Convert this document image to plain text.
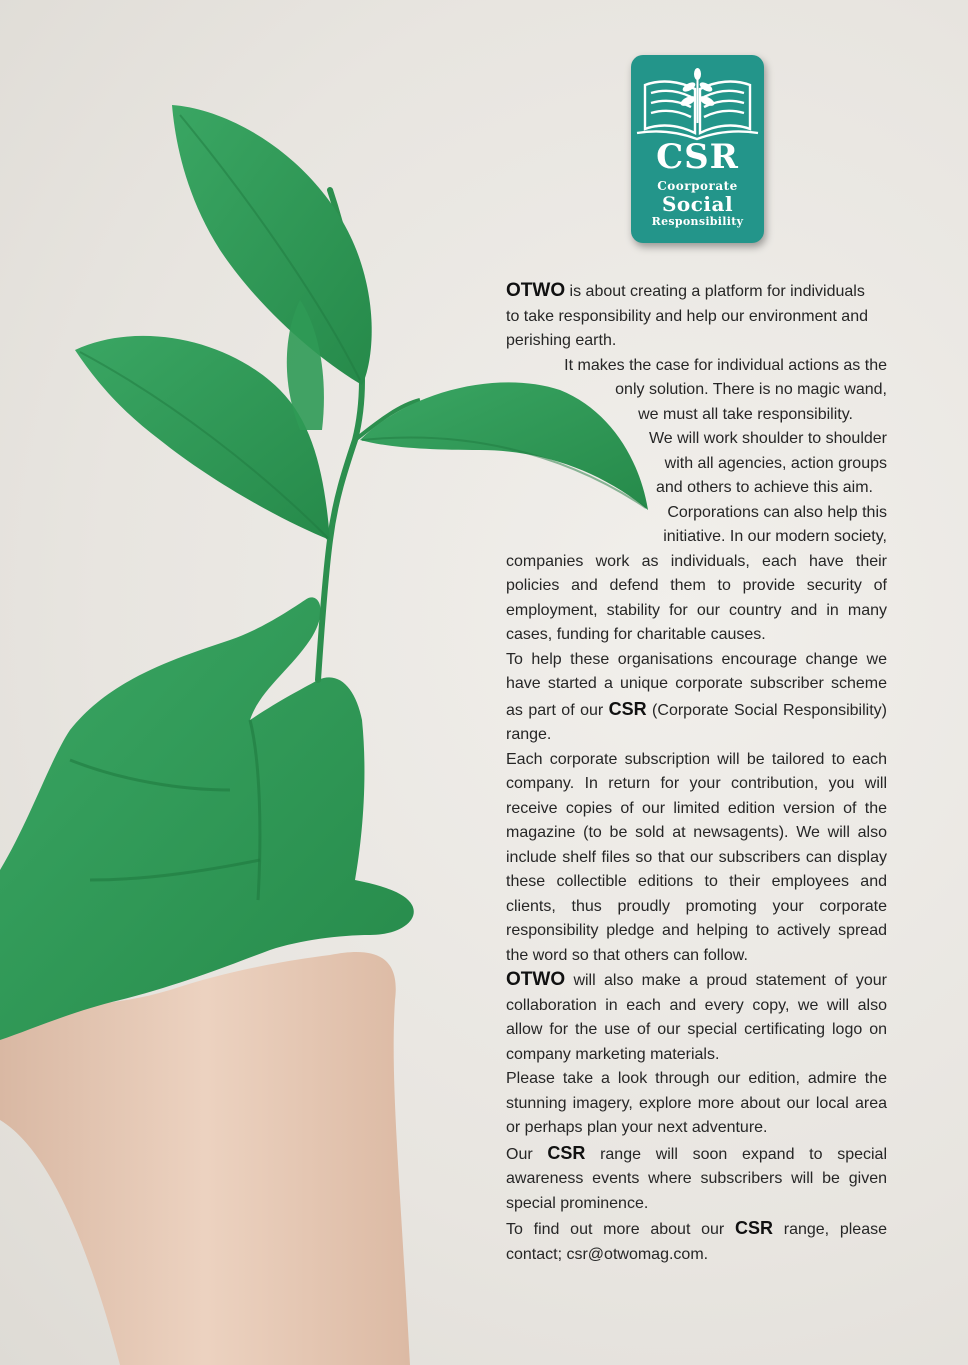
CSR
Coorporate
Social
Responsibility

OTWO is about creating a platform for individuals
to take responsibility and help our environment and
perishing earth.

It makes the case for individual actions as the
only solution. There is no magic wand,
we must all take responsibility.
We will work shoulder to shoulder
with all agencies, action groups
and others to achieve this aim.
Corporations can also help this
initiative. In our modern society,

companies work as individuals, each have their policies and defend them to provide security of employment, stability for our country and in many cases, funding for charitable causes.

To help these organisations encourage change we have started a unique corporate subscriber scheme as part of our CSR (Corporate Social Responsibility) range.

Each corporate subscription will be tailored to each company. In return for your contribution, you will receive copies of our limited edition version of the magazine (to be sold at newsagents). We will also include shelf files so that our subscribers can display these collectible editions to their employees and clients, thus proudly promoting your corporate responsibility pledge and helping to actively spread the word so that others can follow.

OTWO will also make a proud statement of your collaboration in each and every copy, we will also allow for the use of our special certificating logo on company marketing materials.

Please take a look through our edition, admire the stunning imagery, explore more about our local area or perhaps plan your next adventure.

Our CSR range will soon expand to special awareness events where subscribers will be given special prominence.

To find out more about our CSR range, please contact; csr@otwomag.com.
